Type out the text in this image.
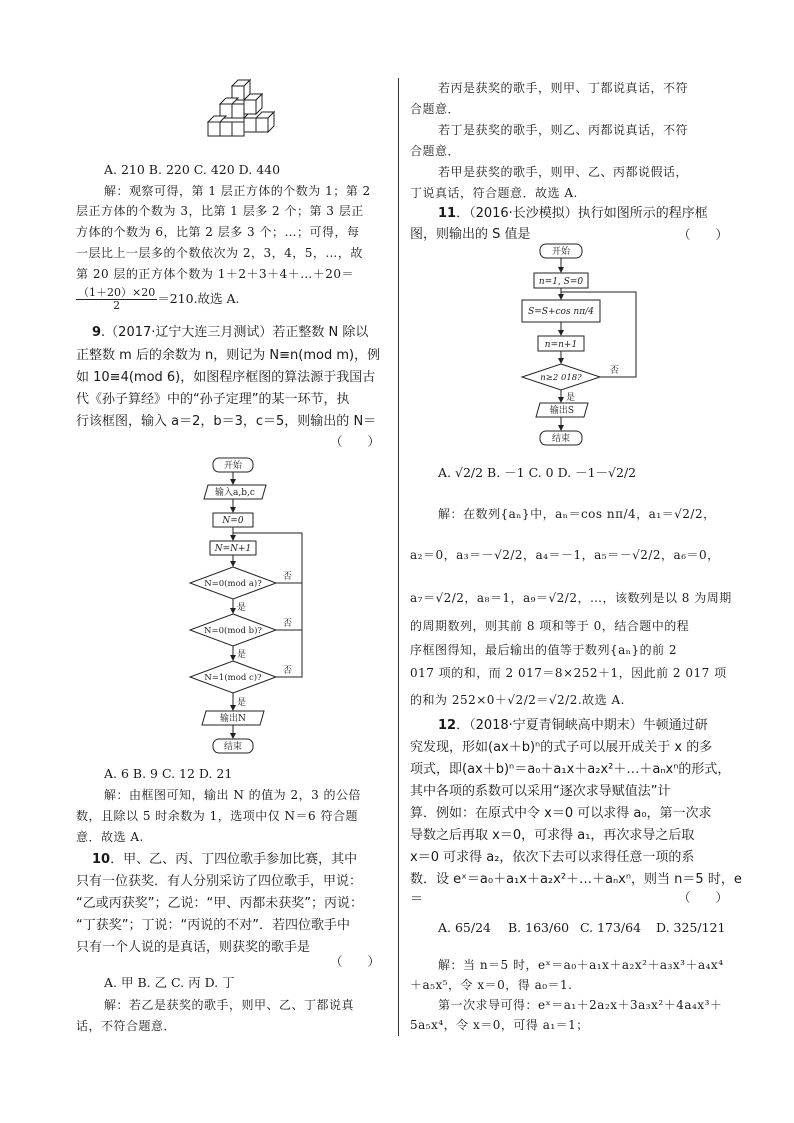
A. 210 B. 220 C. 420 D. 440
解：观察可得，第 1 层正方体的个数为 1；第 2
层正方体的个数为 3，比第 1 层多 2 个；第 3 层正
方体的个数为 6，比第 2 层多 3 个；…；可得，每
一层比上一层多的个数依次为 2，3，4，5，…，故
第 20 层的正方体个数为 1＋2＋3＋4＋…＋20＝
$\frac{(1+20)\times 20}{2} =210$.故选 A.
9.（2017·辽宁大连三月测试）若正整数 N 除以
正整数 m 后的余数为 n，则记为 N≡n(mod m)，例
如 10≡4(mod 6)，如图程序框图的算法源于我国古
代《孙子算经》中的“孙子定理”的某一环节，执
行该框图，输入 a＝2，b＝3，c＝5，则输出的 N＝
（　　）
开始
输入a,b,c
N=0
N=N+1
N=0(mod a)?
N=0(mod b)?
N=1(mod c)?
是
是
是
否
否
否
输出N
结束
A. 6 B. 9 C. 12 D. 21
解：由框图可知，输出 N 的值为 2，3 的公倍
数，且除以 5 时余数为 1，选项中仅 N＝6 符合题
意．故选 A.
10．甲、乙、丙、丁四位歌手参加比赛，其中
只有一位获奖．有人分别采访了四位歌手，甲说：
“乙或丙获奖”；乙说：“甲、丙都未获奖”；丙说：
“丁获奖”；丁说：“丙说的不对”．若四位歌手中
只有一个人说的是真话，则获奖的歌手是
（　　）
A. 甲 B. 乙 C. 丙 D. 丁
解：若乙是获奖的歌手，则甲、乙、丁都说真
话，不符合题意．
若丙是获奖的歌手，则甲、丁都说真话，不符
合题意．
若丁是获奖的歌手，则乙、丙都说真话，不符
合题意．
若甲是获奖的歌手，则甲、乙、丙都说假话，
丁说真话，符合题意．故选 A.
11．（2016·长沙模拟）执行如图所示的程序框
图，则输出的 S 值是	（　　）
开始
n=1, S=0
S=S+cos nπ/4
n=n+1
n≥2 018?
是
否
输出S
结束
A. √2/2 B. －1 C. 0 D. －1－√2/2
解：在数列{aₙ}中，aₙ＝cos nπ/4，a₁＝√2/2，
a₂＝0，a₃＝－√2/2，a₄＝－1，a₅＝－√2/2，a₆＝0，
a₇＝√2/2，a₈＝1，a₉＝√2/2，…，该数列是以 8 为周期
的周期数列，则其前 8 项和等于 0，结合题中的程
序框图得知，最后输出的值等于数列{aₙ}的前 2
017 项的和，而 2 017＝8×252＋1，因此前 2 017 项
的和为 252×0＋√2/2＝√2/2.故选 A.
12．（2018·宁夏青铜峡高中期末）牛顿通过研
究发现，形如(ax＋b)ⁿ的式子可以展开成关于 x 的多
项式，即(ax＋b)ⁿ＝a₀＋a₁x＋a₂x²＋…＋aₙxⁿ的形式，
其中各项的系数可以采用“逐次求导赋值法”计
算．例如：在原式中令 x＝0 可以求得 a₀，第一次求
导数之后再取 x＝0，可求得 a₁，再次求导之后取
x＝0 可求得 a₂，依次下去可以求得任意一项的系
数．设 eˣ＝a₀＋a₁x＋a₂x²＋…＋aₙxⁿ，则当 n＝5 时，e
＝	（　　）
A. 65/24 B. 163/60 C. 173/64 D. 325/121
解：当 n＝5 时，eˣ＝a₀＋a₁x＋a₂x²＋a₃x³＋a₄x⁴
＋a₅x⁵，令 x＝0，得 a₀＝1.
第一次求导可得：eˣ＝a₁＋2a₂x＋3a₃x²＋4a₄x³＋
5a₅x⁴，令 x＝0，可得 a₁＝1；
